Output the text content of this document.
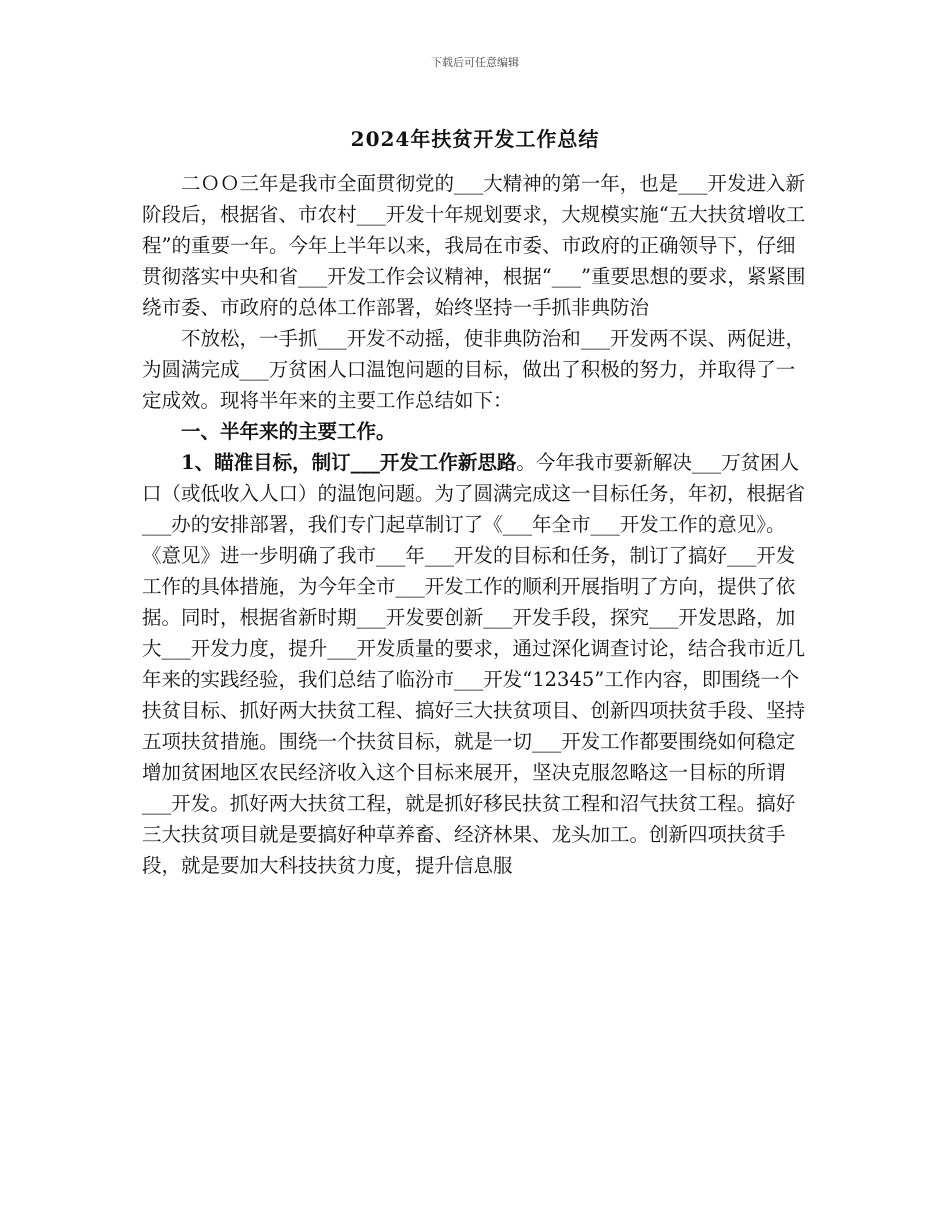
下载后可任意编辑
2024年扶贫开发工作总结

二ＯＯ三年是我市全面贯彻党的___大精神的第一年，也是___开发进入新阶段后，根据省、市农村___开发十年规划要求，大规模实施“五大扶贫增收工程”的重要一年。今年上半年以来，我局在市委、市政府的正确领导下，仔细贯彻落实中央和省___开发工作会议精神，根据“___”重要思想的要求，紧紧围绕市委、市政府的总体工作部署，始终坚持一手抓非典防治

不放松，一手抓___开发不动摇，使非典防治和___开发两不误、两促进，为圆满完成___万贫困人口温饱问题的目标，做出了积极的努力，并取得了一定成效。现将半年来的主要工作总结如下：

一、半年来的主要工作。

1、瞄准目标，制订___开发工作新思路。今年我市要新解决___万贫困人口（或低收入人口）的温饱问题。为了圆满完成这一目标任务，年初，根据省___办的安排部署，我们专门起草制订了《___年全市___开发工作的意见》。《意见》进一步明确了我市___年___开发的目标和任务，制订了搞好___开发工作的具体措施，为今年全市___开发工作的顺利开展指明了方向，提供了依据。同时，根据省新时期___开发要创新___开发手段，探究___开发思路，加大___开发力度，提升___开发质量的要求，通过深化调查讨论，结合我市近几年来的实践经验，我们总结了临汾市___开发“12345”工作内容，即围绕一个扶贫目标、抓好两大扶贫工程、搞好三大扶贫项目、创新四项扶贫手段、坚持五项扶贫措施。围绕一个扶贫目标，就是一切___开发工作都要围绕如何稳定增加贫困地区农民经济收入这个目标来展开，坚决克服忽略这一目标的所谓___开发。抓好两大扶贫工程，就是抓好移民扶贫工程和沼气扶贫工程。搞好三大扶贫项目就是要搞好种草养畜、经济林果、龙头加工。创新四项扶贫手段，就是要加大科技扶贫力度，提升信息服
